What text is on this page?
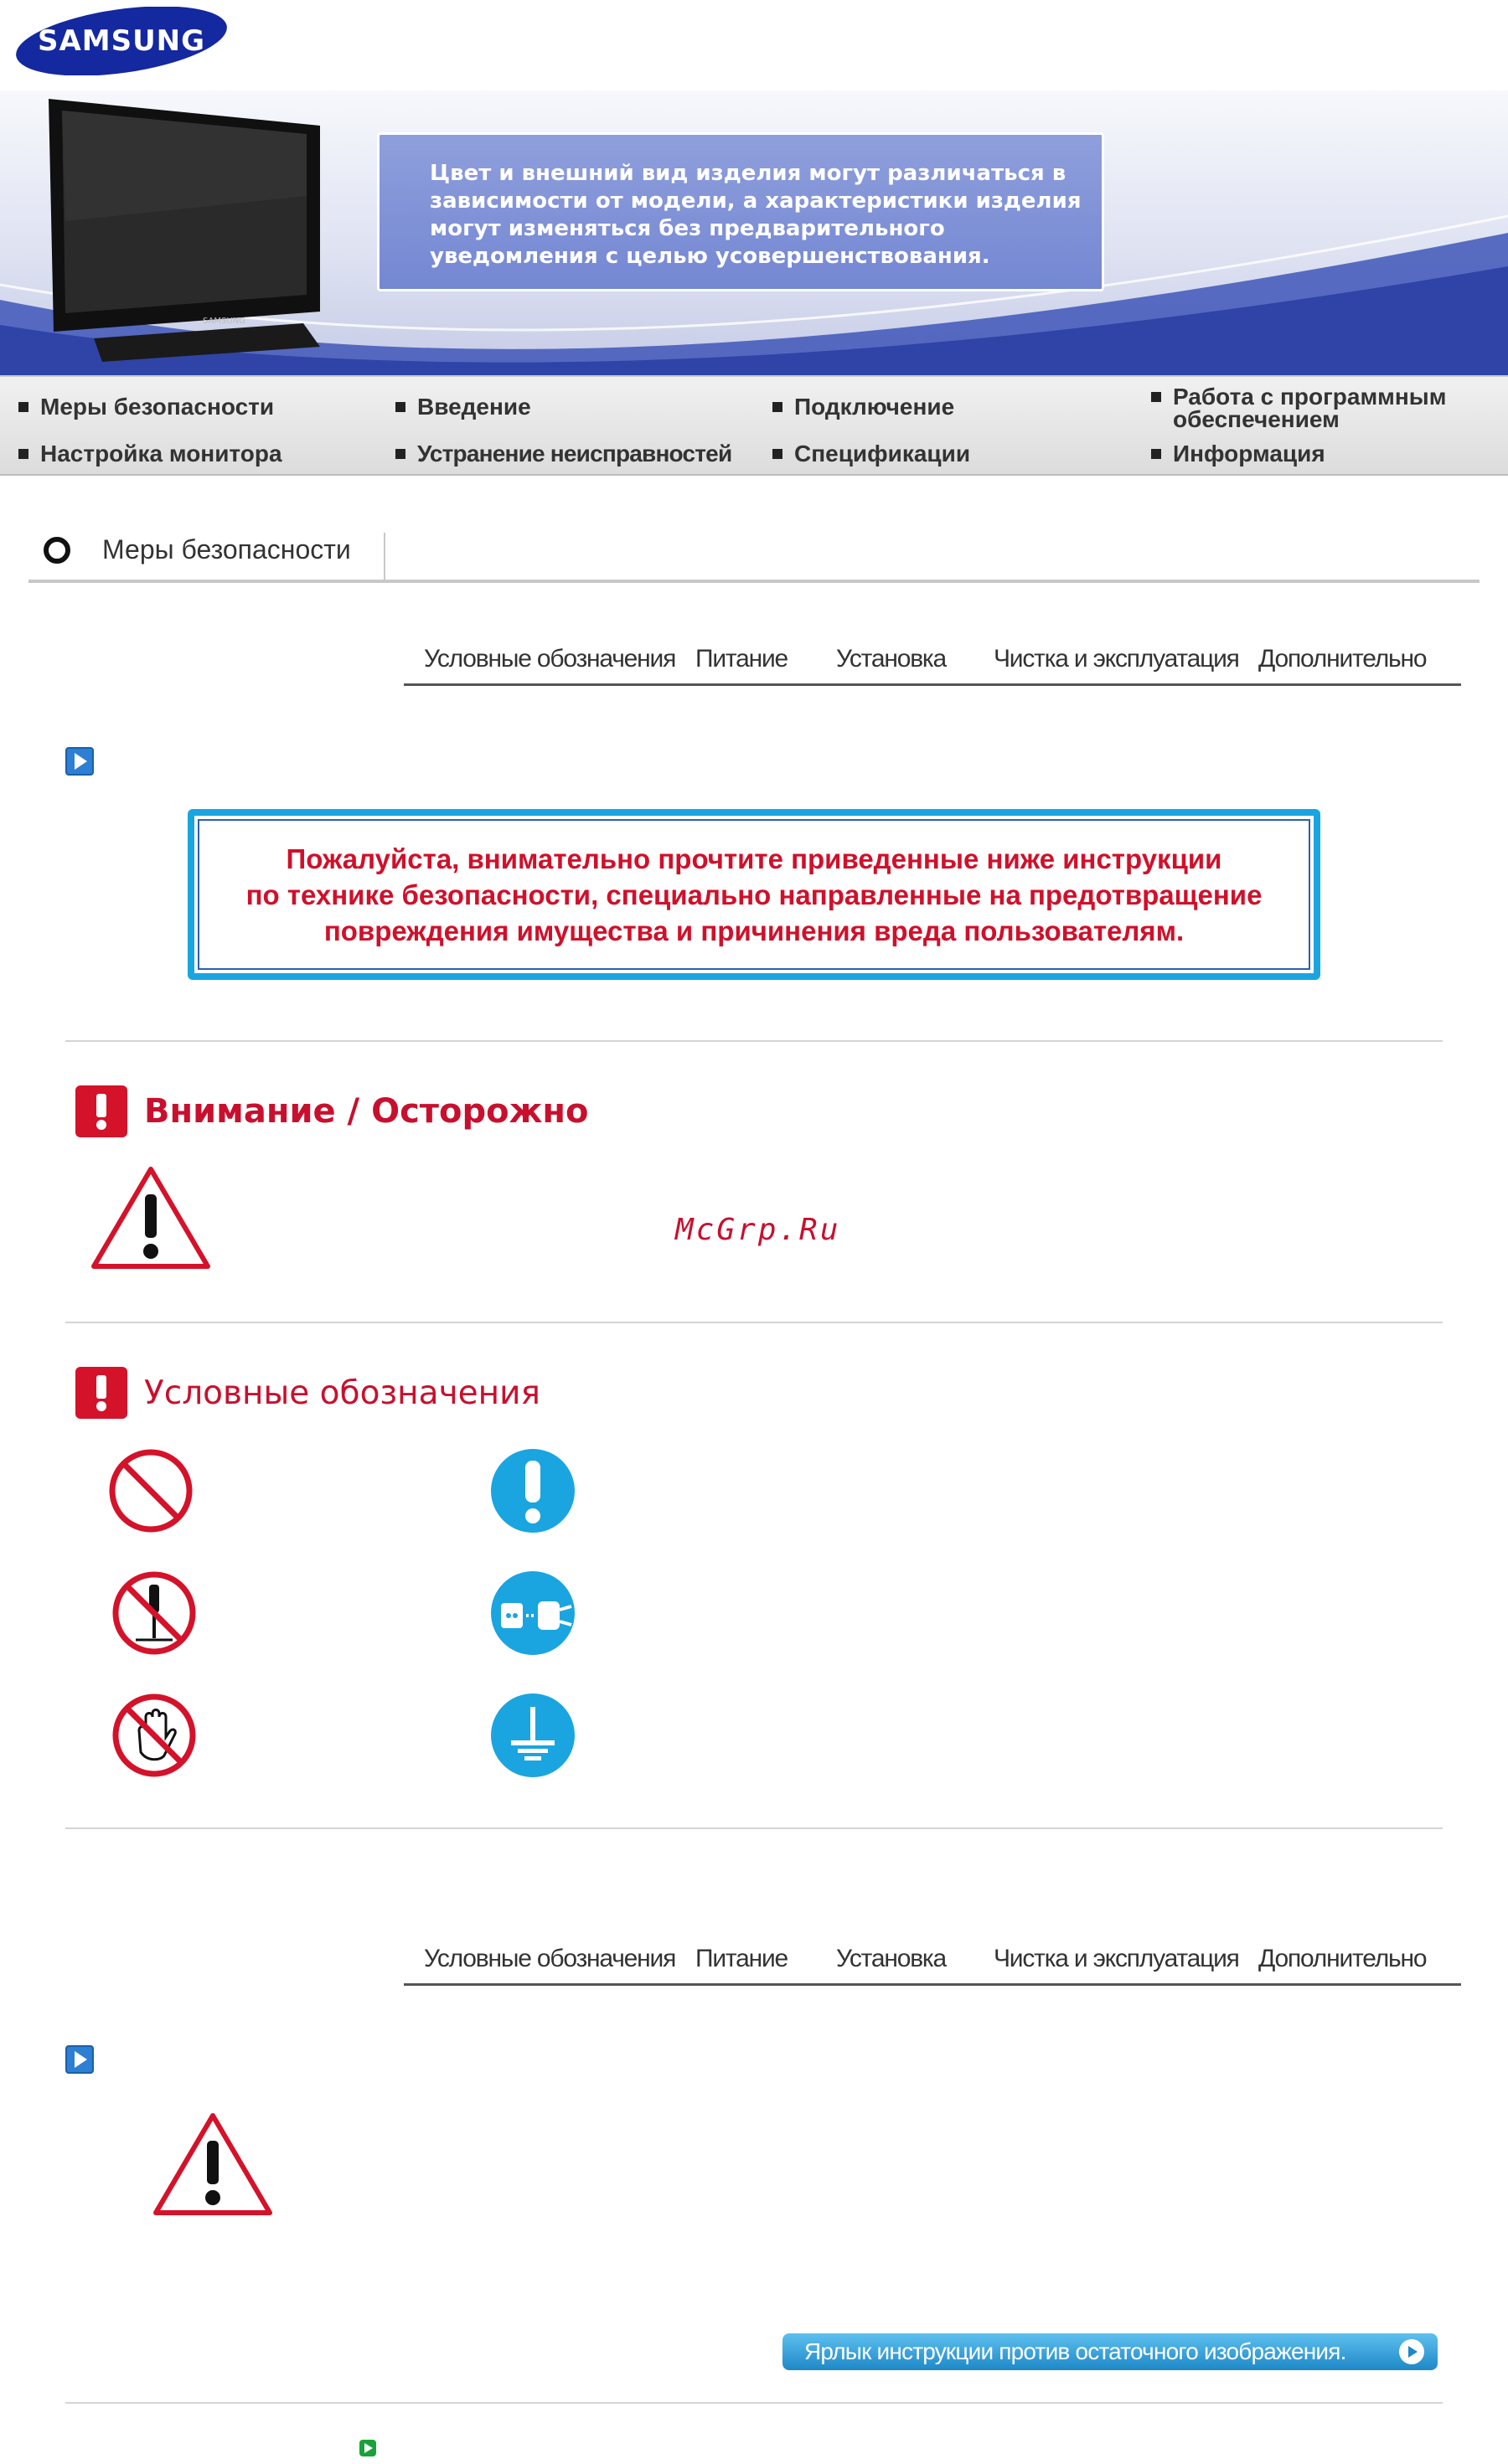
SAMSUNG
SAMSUNG
Цвет и внешний вид изделия могут различаться в
зависимости от модели, а характеристики изделия
могут изменяться без предварительного
уведомления с целью усовершенствования.
Меры безопасности	Введение	Подключение	Работа с программным обеспечением
Настройка монитора	Устранение неисправностей	Спецификации	Информация
Меры безопасности
Условные обозначения Питание Установка Чистка и эксплуатация Дополнительно
Пожалуйста, внимательно прочтите приведенные ниже инструкции
по технике безопасности, специально направленные на предотвращение
повреждения имущества и причинения вреда пользователям.
Внимание / Осторожно
McGrp.Ru
Условные обозначения
Условные обозначения Питание Установка Чистка и эксплуатация Дополнительно
Ярлык инструкции против остаточного изображения.
